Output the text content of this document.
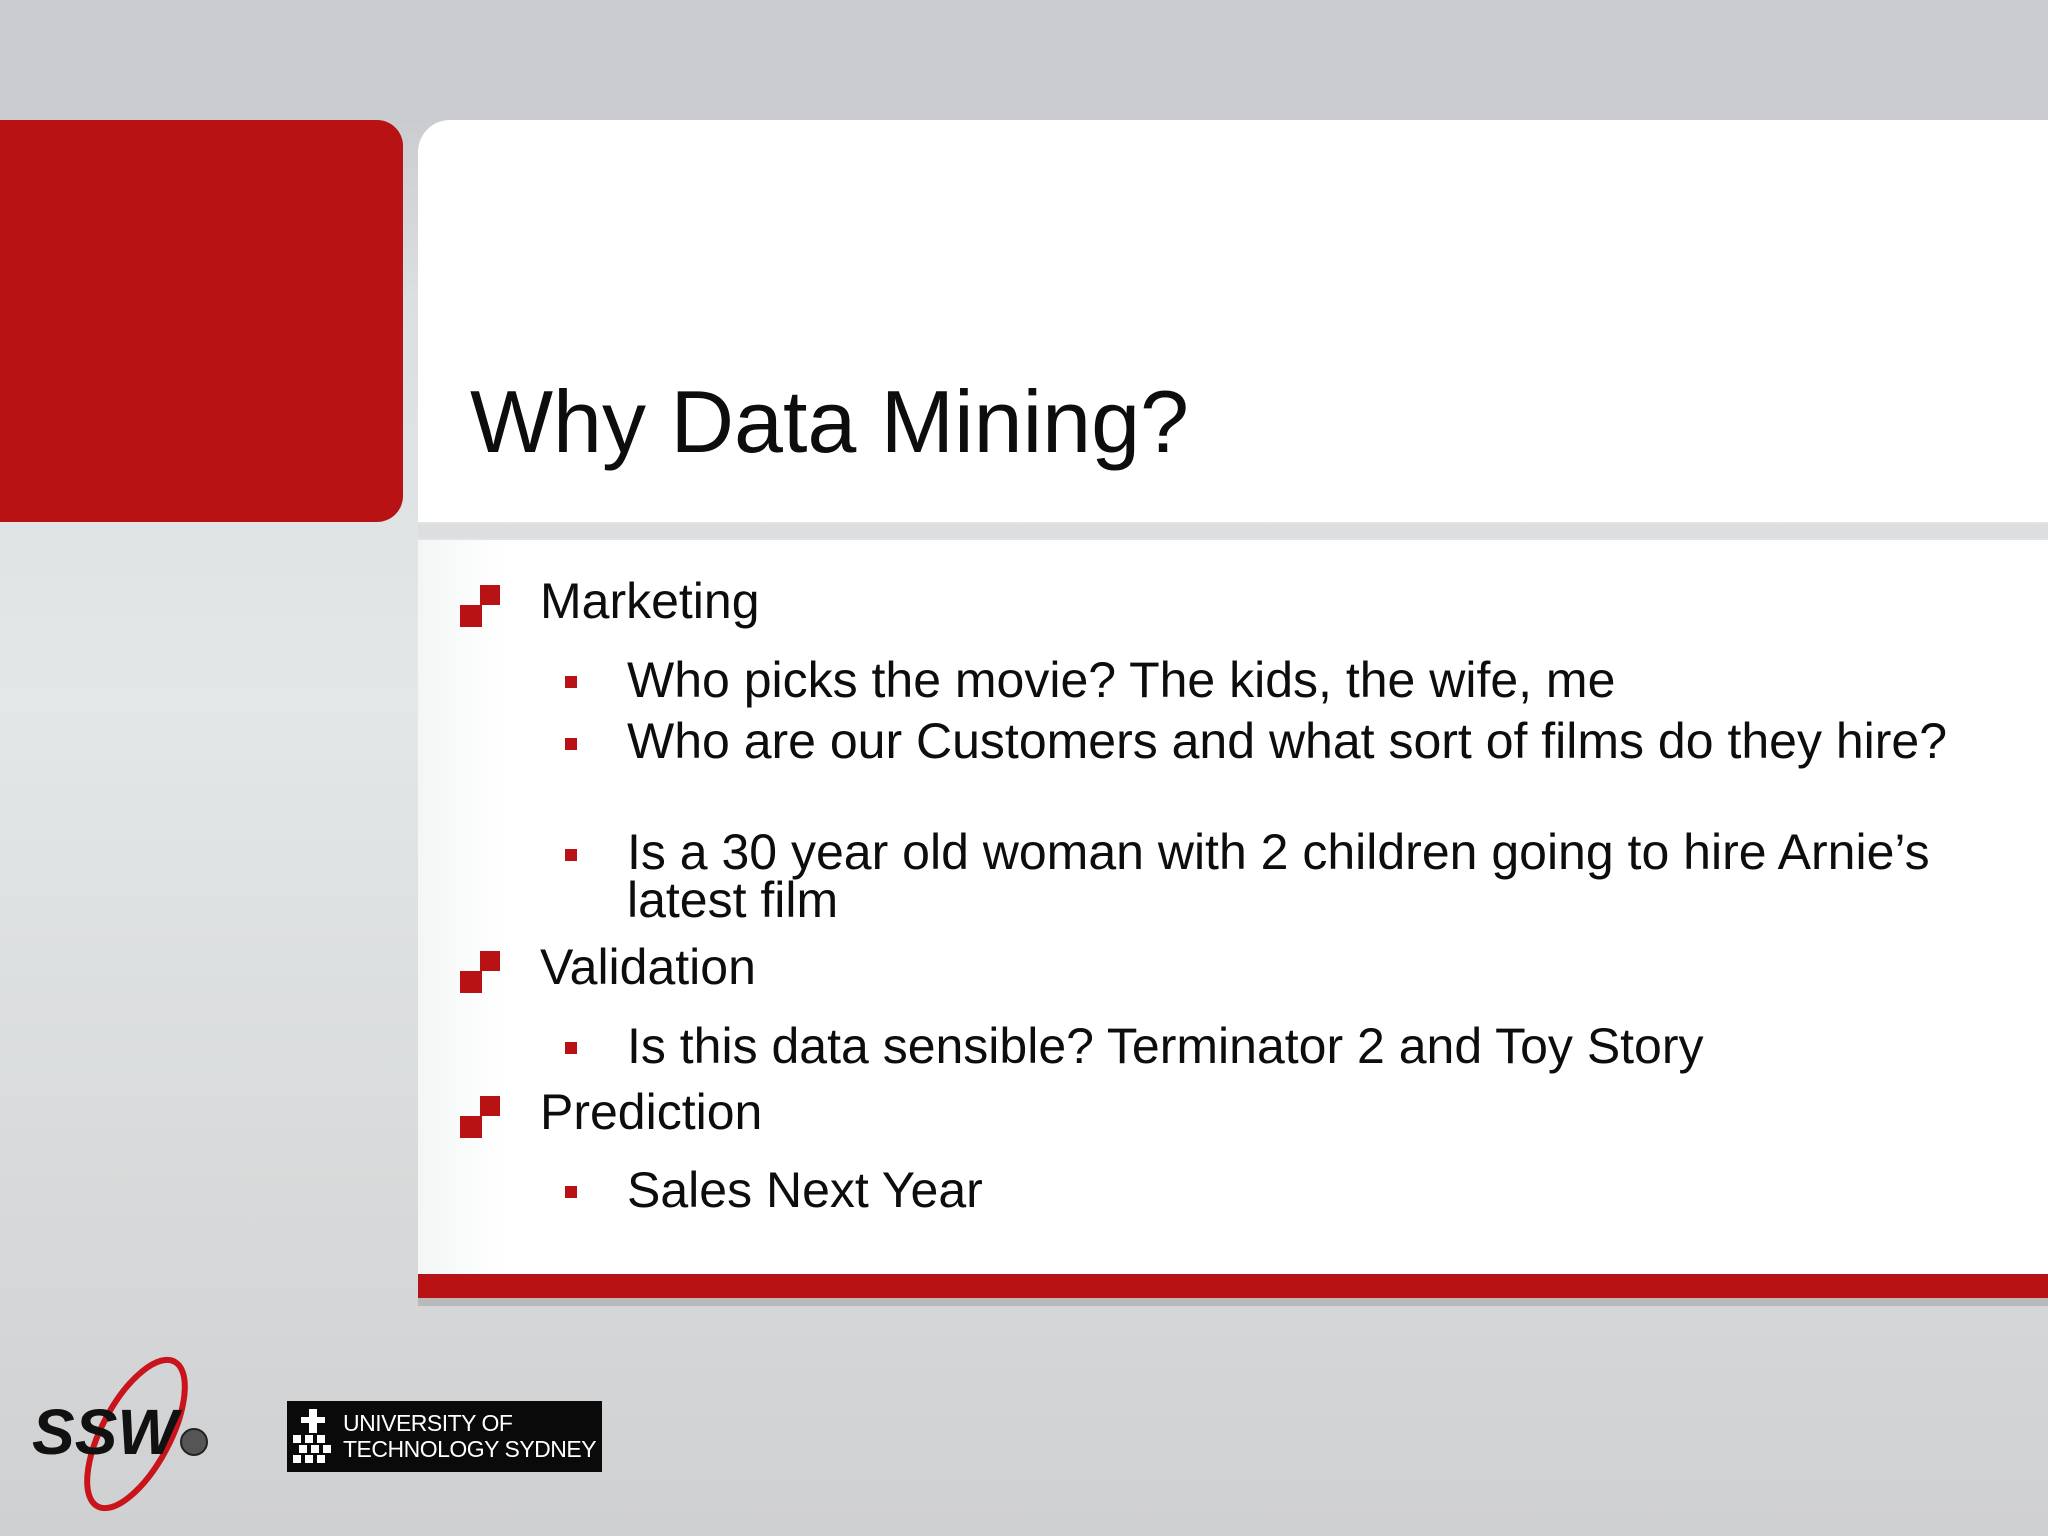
Why Data Mining?
Marketing
Who picks the movie? The kids, the wife, me
Who are our Customers and what sort of films do they hire?
Is a 30 year old woman with 2 children going to hire Arnie’s latest film
Validation
Is this data sensible? Terminator 2 and Toy Story
Prediction
Sales Next Year
SSW	UNIVERSITY OF
TECHNOLOGY SYDNEY
